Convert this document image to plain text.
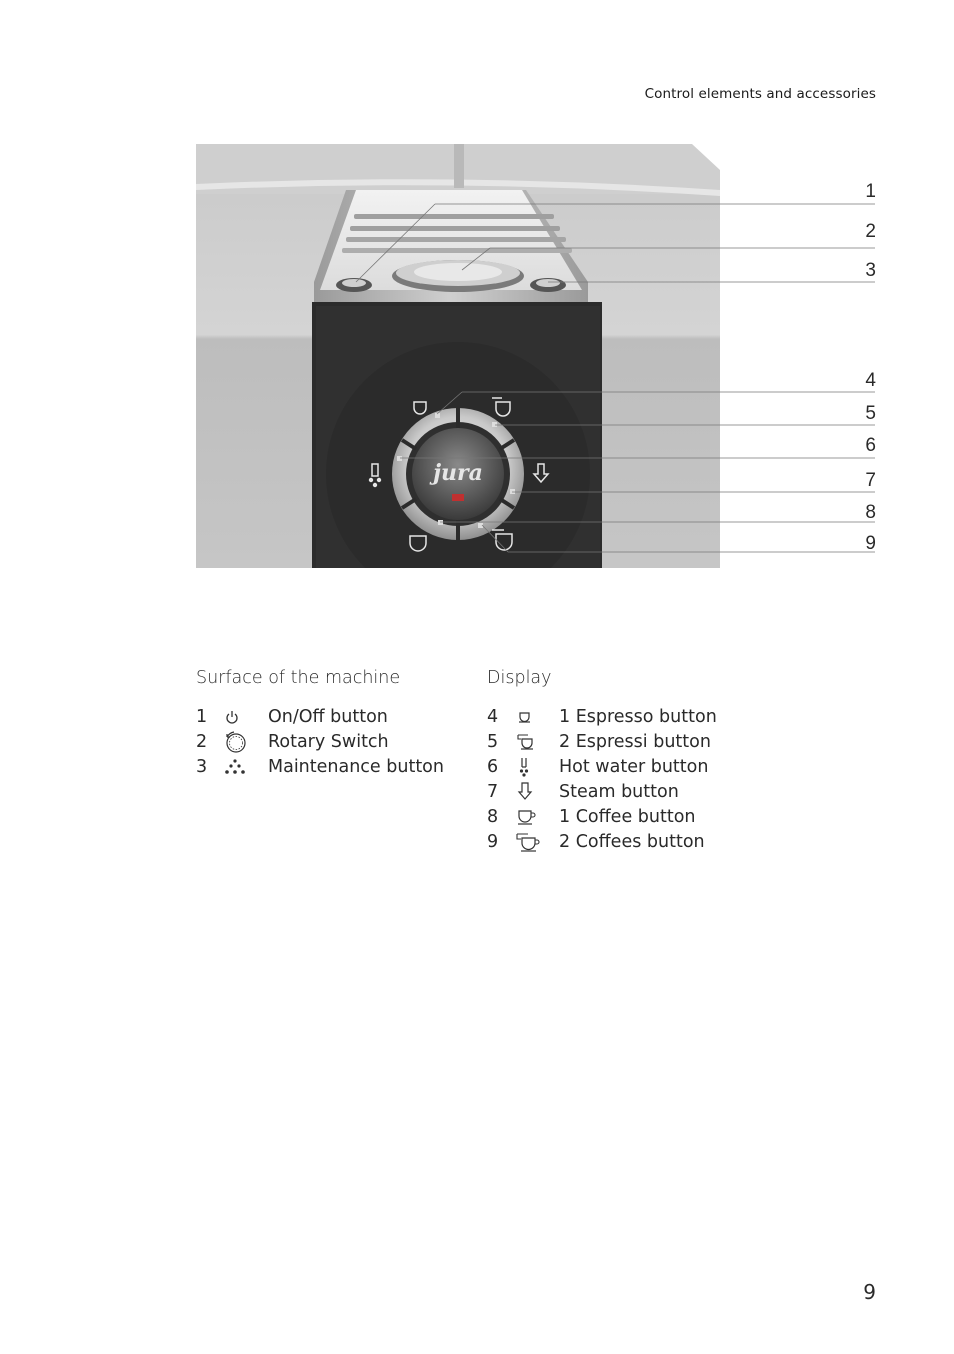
Control elements and accessories
jura
1
2
3
4
5
6
7
8
9
Surface of the machine
1	On/Off button
2	Rotary Switch
3	Maintenance button
Display
4	1 Espresso button
5	2 Espressi button
6	Hot water button
7	Steam button
8	1 Coffee button
9	2 Coffees button
9
